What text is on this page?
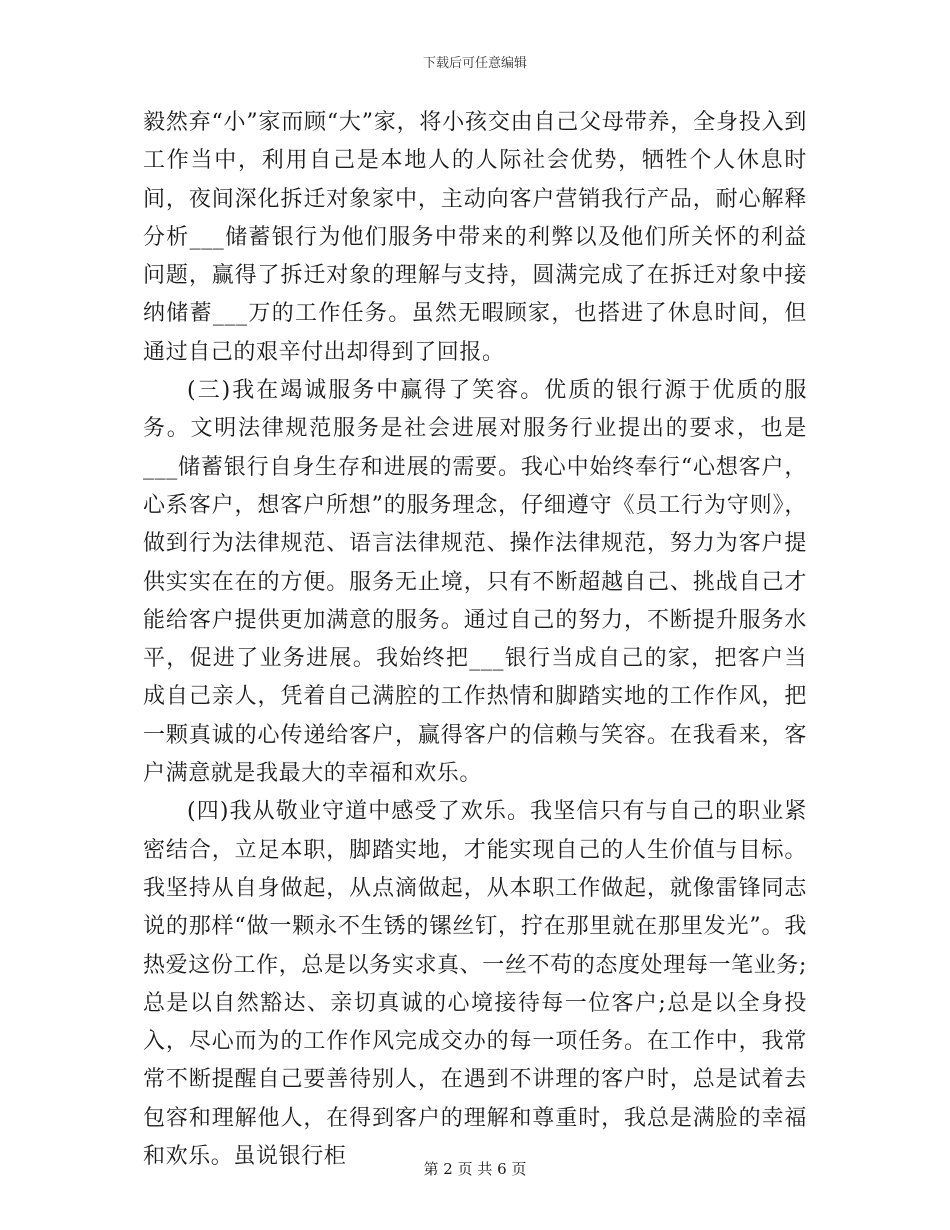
下载后可任意编辑

毅然弃“小”家而顾“大”家，将小孩交由自己父母带养，全身投入到工作当中，利用自己是本地人的人际社会优势，牺牲个人休息时间，夜间深化拆迁对象家中，主动向客户营销我行产品，耐心解释分析___储蓄银行为他们服务中带来的利弊以及他们所关怀的利益问题，赢得了拆迁对象的理解与支持，圆满完成了在拆迁对象中接纳储蓄___万的工作任务。虽然无暇顾家，也搭进了休息时间，但通过自己的艰辛付出却得到了回报。

(三)我在竭诚服务中赢得了笑容。优质的银行源于优质的服务。文明法律规范服务是社会进展对服务行业提出的要求，也是___储蓄银行自身生存和进展的需要。我心中始终奉行“心想客户，心系客户，想客户所想”的服务理念，仔细遵守《员工行为守则》，做到行为法律规范、语言法律规范、操作法律规范，努力为客户提供实实在在的方便。服务无止境，只有不断超越自己、挑战自己才能给客户提供更加满意的服务。通过自己的努力，不断提升服务水平，促进了业务进展。我始终把___银行当成自己的家，把客户当成自己亲人，凭着自己满腔的工作热情和脚踏实地的工作作风，把一颗真诚的心传递给客户，赢得客户的信赖与笑容。在我看来，客户满意就是我最大的幸福和欢乐。

(四)我从敬业守道中感受了欢乐。我坚信只有与自己的职业紧密结合，立足本职，脚踏实地，才能实现自己的人生价值与目标。我坚持从自身做起，从点滴做起，从本职工作做起，就像雷锋同志说的那样“做一颗永不生锈的镙丝钉，拧在那里就在那里发光”。我热爱这份工作，总是以务实求真、一丝不苟的态度处理每一笔业务;总是以自然豁达、亲切真诚的心境接待每一位客户;总是以全身投入，尽心而为的工作作风完成交办的每一项任务。在工作中，我常常不断提醒自己要善待别人，在遇到不讲理的客户时，总是试着去包容和理解他人，在得到客户的理解和尊重时，我总是满脸的幸福和欢乐。虽说银行柜	第 2 页 共 6 页
